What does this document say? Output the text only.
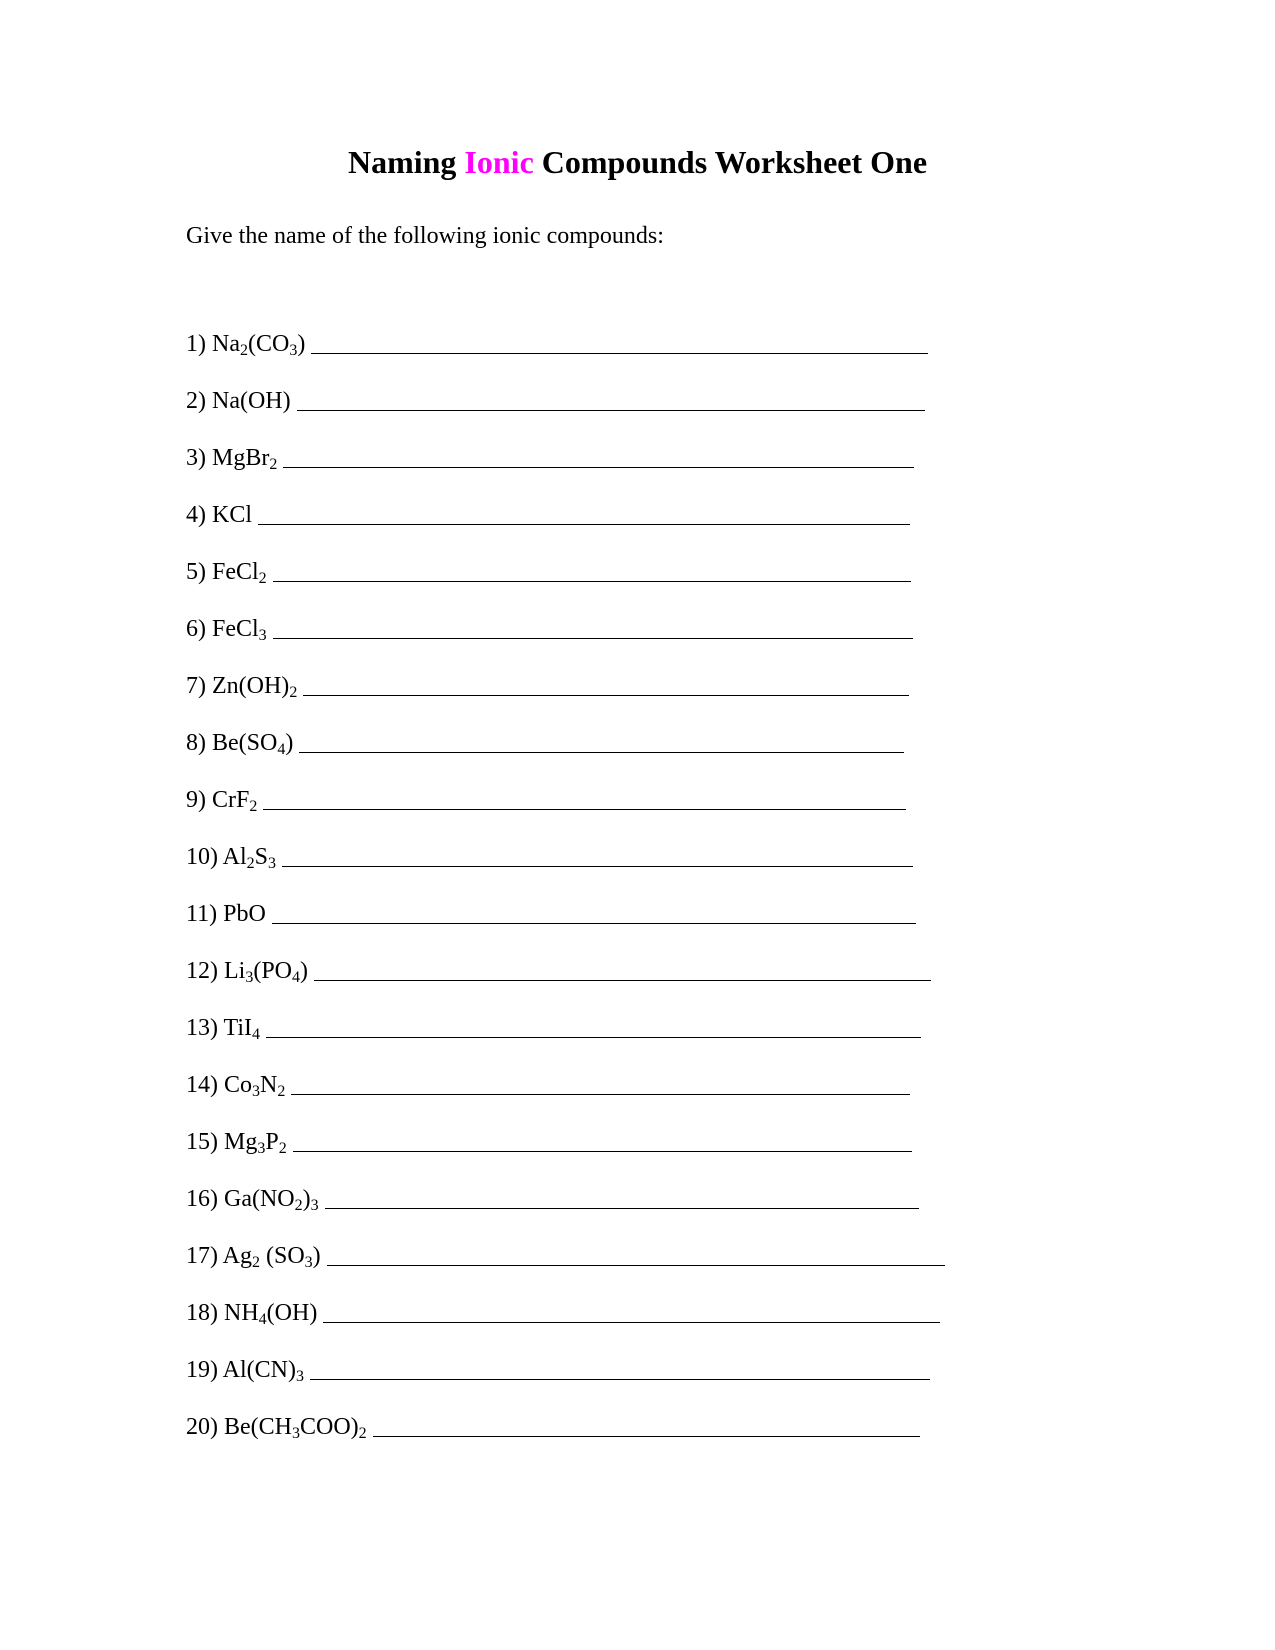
Naming Ionic Compounds Worksheet One
Give the name of the following ionic compounds:
1) $Na_2(CO_3)$
2) Na(OH)
3) MgBr$_2$
4) KCl
5) FeCl$_2$
6) FeCl$_3$
7) $Zn(OH)_2$
8) $Be(SO_4)$
9) CrF$_2$
10) $Al_2S_3$
11) PbO
12) $Li_3(PO_4)$
13) TiI$_4$
14) $Co_3N_2$
15) $Mg_3P_2$
16) $Ga(NO_2)_3$
17) $Ag_2$ $(SO_3)$
18) $NH_4(OH)$
19) $Al(CN)_3$
20) $Be(CH_3COO)_2$
